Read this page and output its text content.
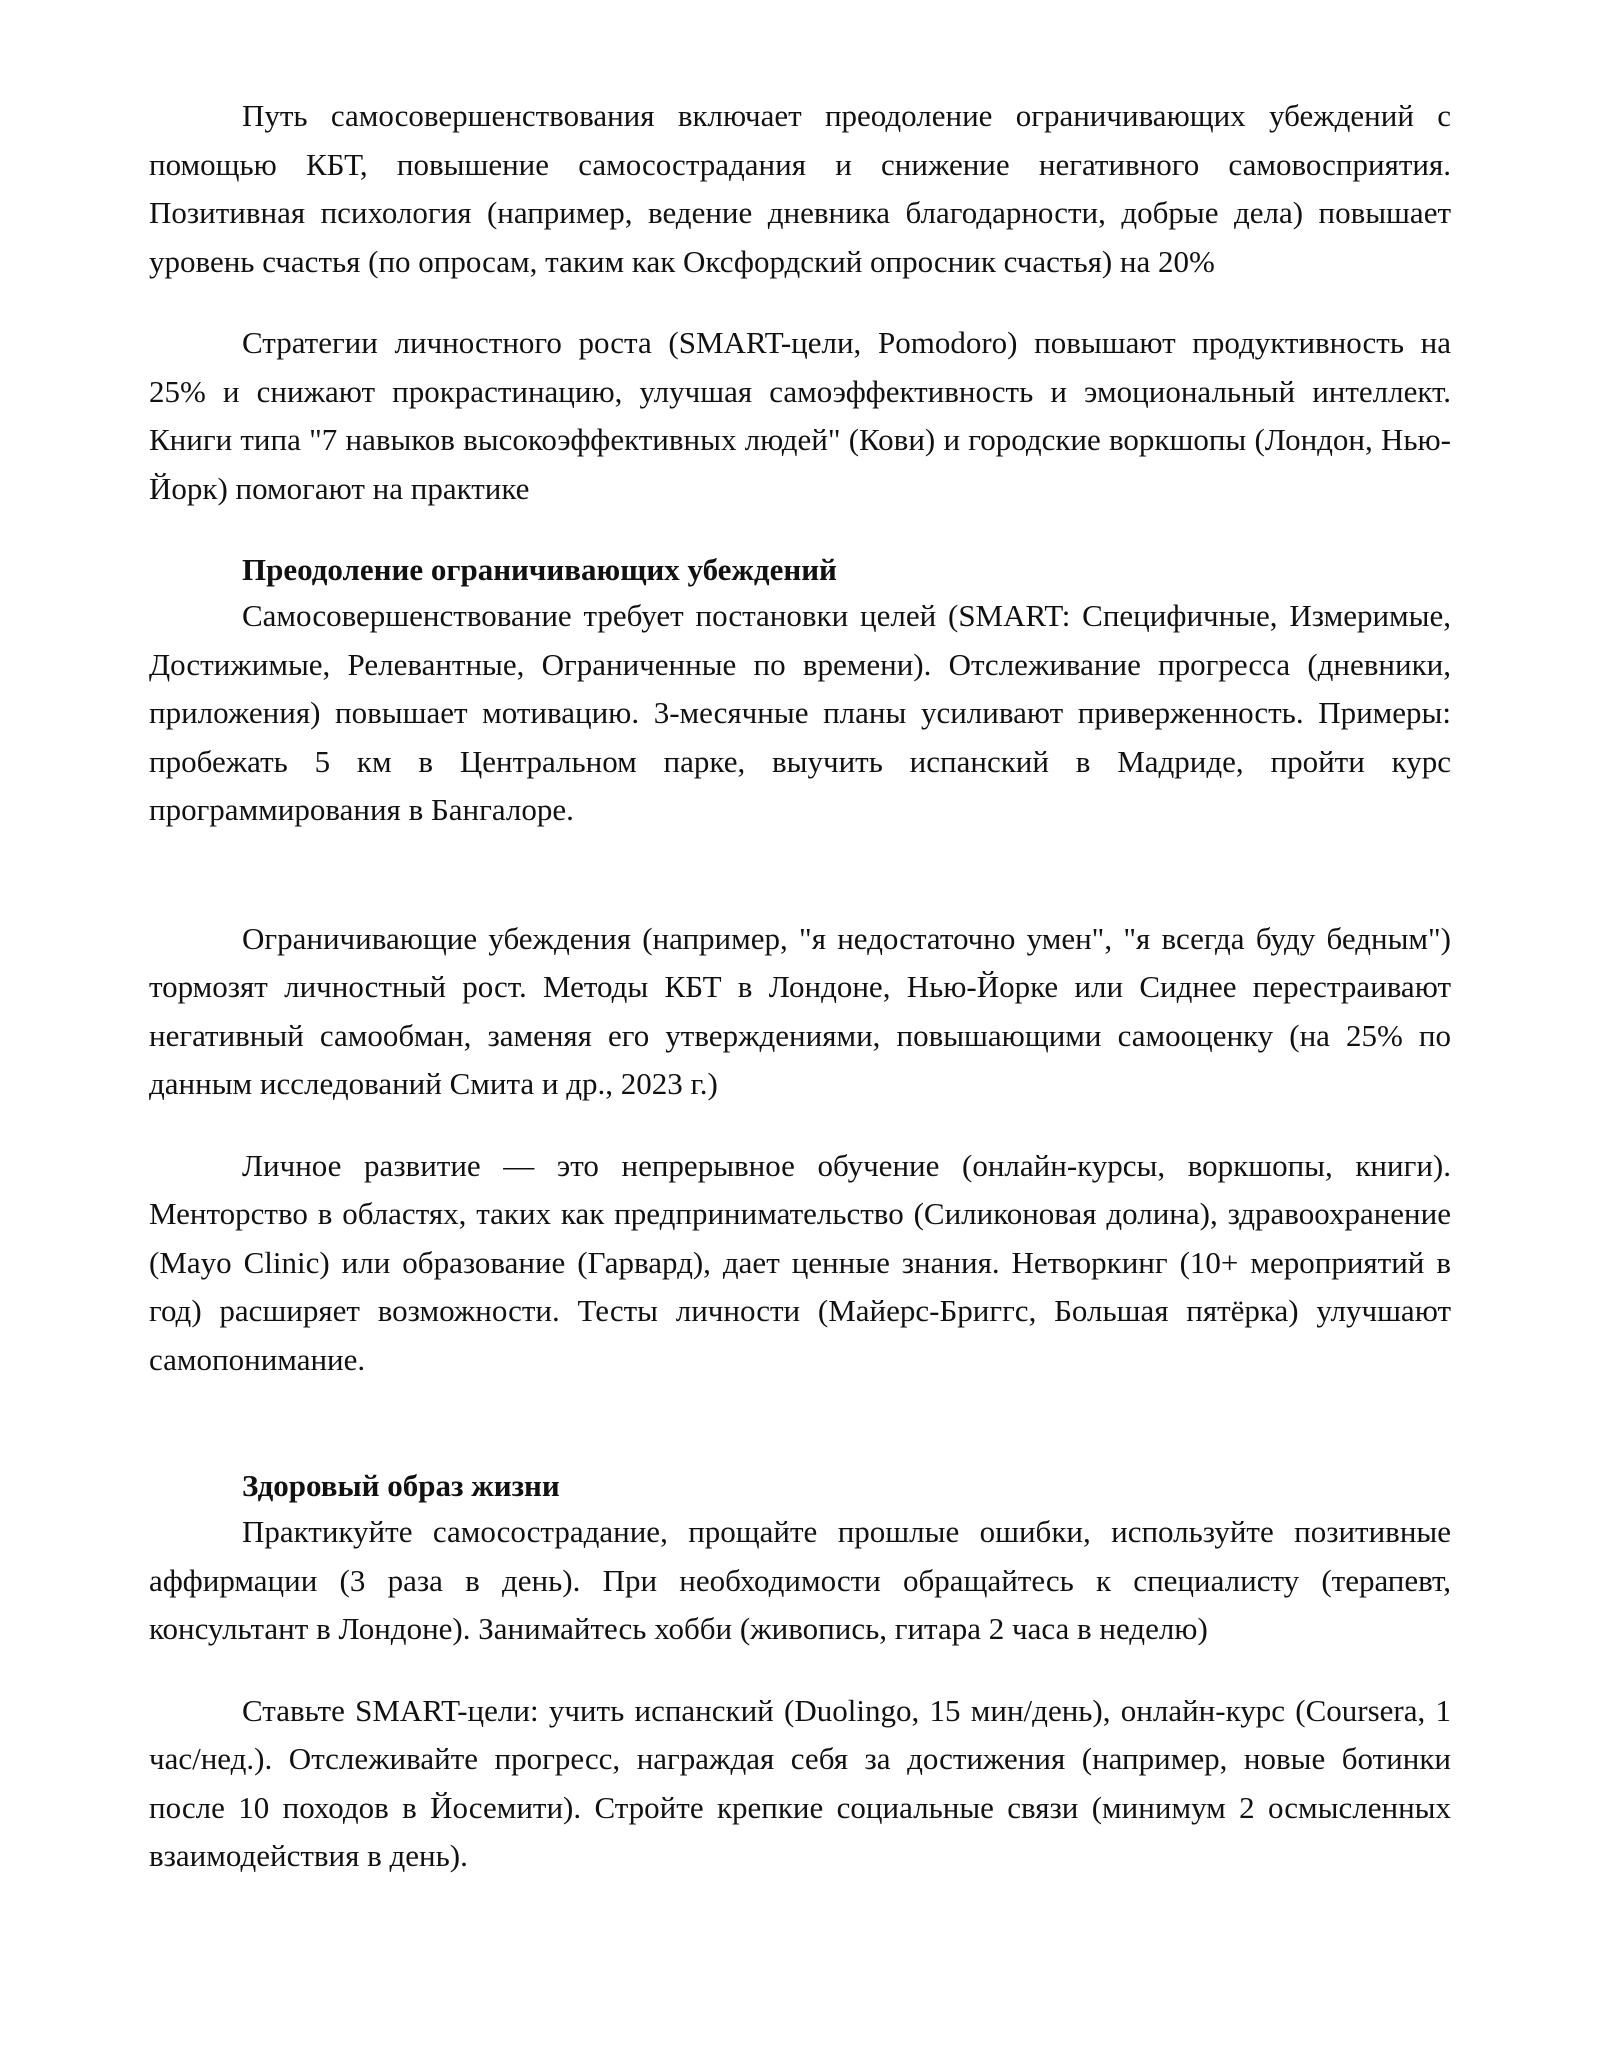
Путь самосовершенствования включает преодоление ограничивающих убеждений с помощью КБТ, повышение самосострадания и снижение негативного самовосприятия. Позитивная психология (например, ведение дневника благодарности, добрые дела) повышает уровень счастья (по опросам, таким как Оксфордский опросник счастья) на 20%

Стратегии личностного роста (SMART-цели, Pomodoro) повышают продуктивность на 25% и снижают прокрастинацию, улучшая самоэффективность и эмоциональный интеллект. Книги типа "7 навыков высокоэффективных людей" (Кови) и городские воркшопы (Лондон, Нью-Йорк) помогают на практике

Преодоление ограничивающих убеждений

Самосовершенствование требует постановки целей (SMART: Специфичные, Измеримые, Достижимые, Релевантные, Ограниченные по времени). Отслеживание прогресса (дневники, приложения) повышает мотивацию. 3-месячные планы усиливают приверженность. Примеры: пробежать 5 км в Центральном парке, выучить испанский в Мадриде, пройти курс программирования в Бангалоре.

Ограничивающие убеждения (например, "я недостаточно умен", "я всегда буду бедным") тормозят личностный рост. Методы КБТ в Лондоне, Нью-Йорке или Сиднее перестраивают негативный самообман, заменяя его утверждениями, повышающими самооценку (на 25% по данным исследований Смита и др., 2023 г.)

Личное развитие — это непрерывное обучение (онлайн-курсы, воркшопы, книги). Менторство в областях, таких как предпринимательство (Силиконовая долина), здравоохранение (Mayo Clinic) или образование (Гарвард), дает ценные знания. Нетворкинг (10+ мероприятий в год) расширяет возможности. Тесты личности (Майерс-Бриггс, Большая пятёрка) улучшают самопонимание.

Здоровый образ жизни

Практикуйте самосострадание, прощайте прошлые ошибки, используйте позитивные аффирмации (3 раза в день). При необходимости обращайтесь к специалисту (терапевт, консультант в Лондоне). Занимайтесь хобби (живопись, гитара 2 часа в неделю)

Ставьте SMART-цели: учить испанский (Duolingo, 15 мин/день), онлайн-курс (Coursera, 1 час/нед.). Отслеживайте прогресс, награждая себя за достижения (например, новые ботинки после 10 походов в Йосемити). Стройте крепкие социальные связи (минимум 2 осмысленных взаимодействия в день).
